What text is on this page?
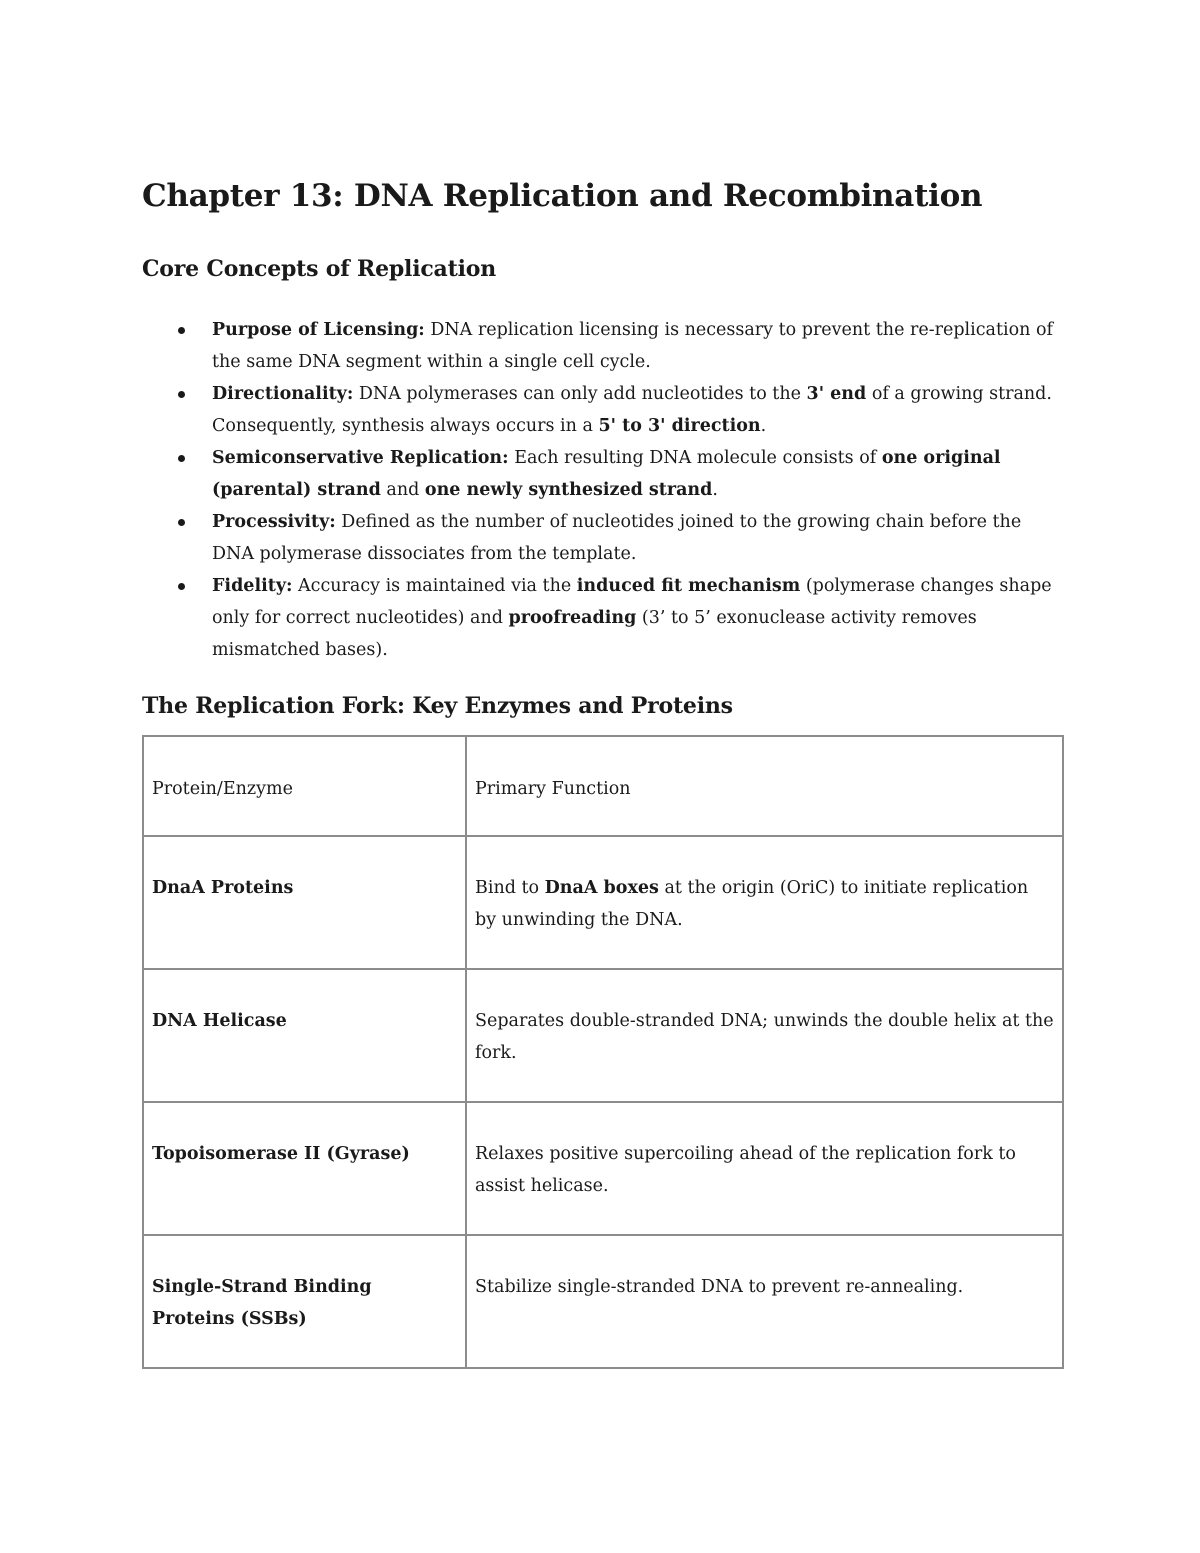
Chapter 13: DNA Replication and Recombination
Core Concepts of Replication
Purpose of Licensing: DNA replication licensing is necessary to prevent the re-replication of the same DNA segment within a single cell cycle.
Directionality: DNA polymerases can only add nucleotides to the 3' end of a growing strand. Consequently, synthesis always occurs in a 5' to 3' direction.
Semiconservative Replication: Each resulting DNA molecule consists of one original (parental) strand and one newly synthesized strand.
Processivity: Defined as the number of nucleotides joined to the growing chain before the DNA polymerase dissociates from the template.
Fidelity: Accuracy is maintained via the induced fit mechanism (polymerase changes shape only for correct nucleotides) and proofreading (3’ to 5’ exonuclease activity removes mismatched bases).
The Replication Fork: Key Enzymes and Proteins
Protein/Enzyme	Primary Function
DnaA Proteins	Bind to DnaA boxes at the origin (OriC) to initiate replication by unwinding the DNA.
DNA Helicase	Separates double-stranded DNA; unwinds the double helix at the fork.
Topoisomerase II (Gyrase)	Relaxes positive supercoiling ahead of the replication fork to assist helicase.
Single-Strand Binding Proteins (SSBs)	Stabilize single-stranded DNA to prevent re-annealing.
